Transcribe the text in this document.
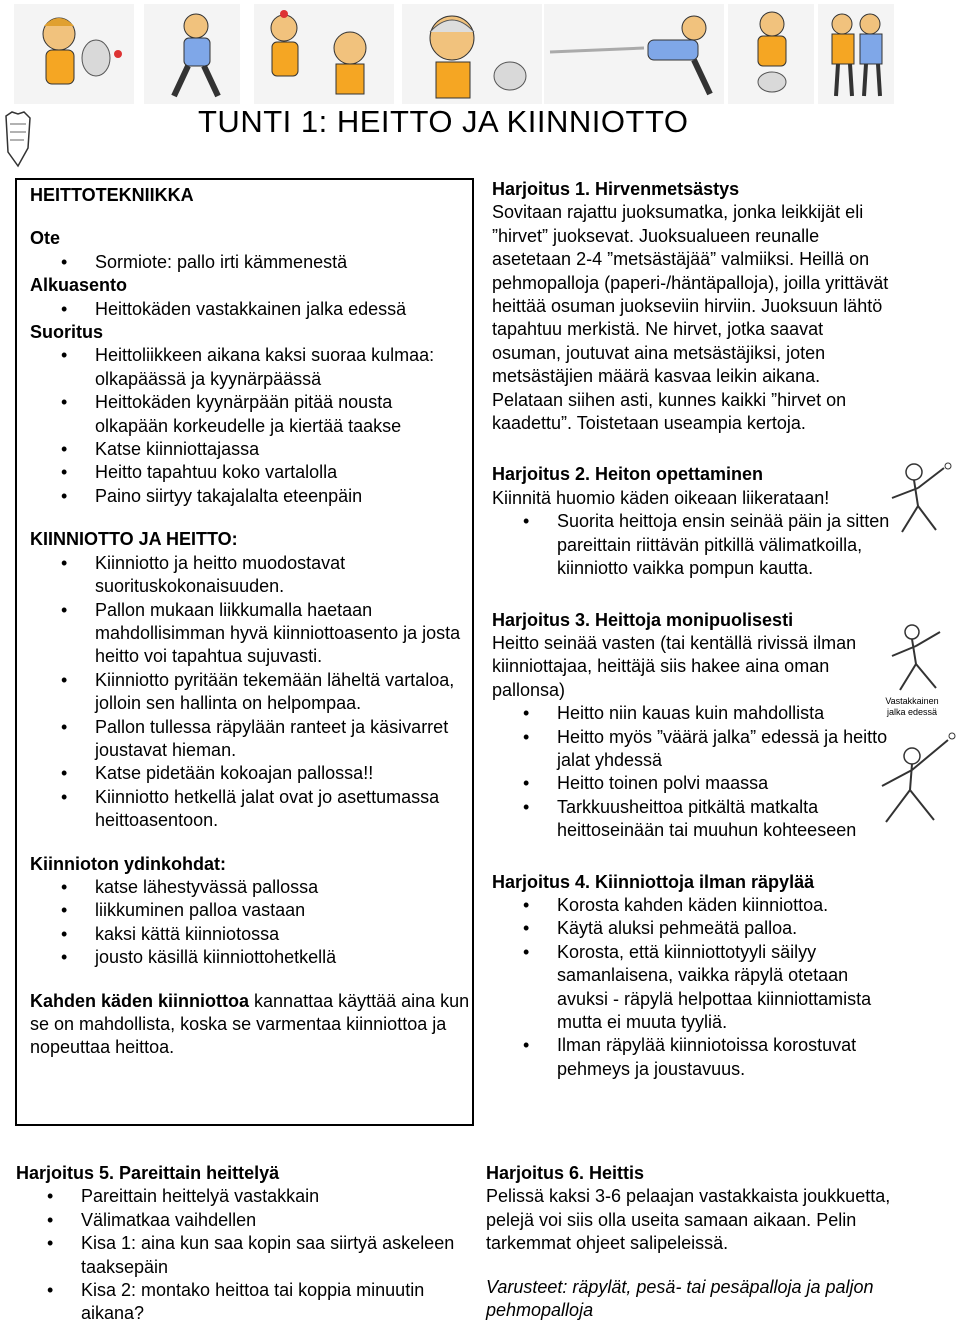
TUNTI 1: HEITTO JA KIINNIOTTO
HEITTOTEKNIIKKA
Ote
• Sormiote: pallo irti kämmenestä
Alkuasento
• Heittokäden vastakkainen jalka edessä
Suoritus
• Heittoliikkeen aikana kaksi suoraa kulmaa: olkapäässä ja kyynärpäässä
• Heittokäden kyynärpään pitää nousta olkapään korkeudelle ja kiertää taakse
• Katse kiinniottajassa
• Heitto tapahtuu koko vartalolla
• Paino siirtyy takajalalta eteenpäin
KIINNIOTTO JA HEITTO:
• Kiinniotto ja heitto muodostavat suorituskokonaisuuden.
• Pallon mukaan liikkumalla haetaan mahdollisimman hyvä kiinniottoasento ja josta heitto voi tapahtua sujuvasti.
• Kiinniotto pyritään tekemään läheltä vartaloa, jolloin sen hallinta on helpompaa.
• Pallon tullessa räpylään ranteet ja käsivarret joustavat hieman.
• Katse pidetään kokoajan pallossa!!
• Kiinniotto hetkellä jalat ovat jo asettumassa heittoasentoon.
Kiinnioton ydinkohdat:
• katse lähestyvässä pallossa
• liikkuminen palloa vastaan
• kaksi kättä kiinniotossa
• jousto käsillä kiinniottohetkellä
Kahden käden kiinniottoa kannattaa käyttää aina kun se on mahdollista, koska se varmentaa kiinniottoa ja nopeuttaa heittoa.
Harjoitus 1. Hirvenmetsästys
Sovitaan rajattu juoksumatka, jonka leikkijät eli ”hirvet” juoksevat. Juoksualueen reunalle asetetaan 2-4 ”metsästäjää” valmiiksi. Heillä on pehmopalloja (paperi-/häntäpalloja), joilla yrittävät heittää osuman juokseviin hirviin. Juoksuun lähtö tapahtuu merkistä. Ne hirvet, jotka saavat osuman, joutuvat aina metsästäjiksi, joten metsästäjien määrä kasvaa leikin aikana. Pelataan siihen asti, kunnes kaikki ”hirvet on kaadettu”. Toistetaan useampia kertoja.
Harjoitus 2. Heiton opettaminen
Kiinnitä huomio käden oikeaan liikerataan!
• Suorita heittoja ensin seinää päin ja sitten pareittain riittävän pitkillä välimatkoilla, kiinniotto vaikka pompun kautta.
Harjoitus 3. Heittoja monipuolisesti
Heitto seinää vasten (tai kentällä rivissä ilman kiinniottajaa, heittäjä siis hakee aina oman pallonsa)
• Heitto niin kauas kuin mahdollista
• Heitto myös ”väärä jalka” edessä ja heitto jalat yhdessä
• Heitto toinen polvi maassa
• Tarkkuusheittoa pitkältä matkalta heittoseinään tai muuhun kohteeseen
Harjoitus 4. Kiinniottoja ilman räpylää
• Korosta kahden käden kiinniottoa.
• Käytä aluksi pehmeätä palloa.
• Korosta, että kiinniottotyyli säilyy samanlaisena, vaikka räpylä otetaan avuksi - räpylä helpottaa kiinniottamista mutta ei muuta tyyliä.
• Ilman räpylää kiinniotoissa korostuvat pehmeys ja joustavuus.
Vastakkainen jalka edessä
Harjoitus 5. Pareittain heittelyä
• Pareittain heittelyä vastakkain
• Välimatkaa vaihdellen
• Kisa 1: aina kun saa kopin saa siirtyä askeleen taaksepäin
• Kisa 2: montako heittoa tai koppia minuutin aikana?
Harjoitus 6. Heittis
Pelissä kaksi 3-6 pelaajan vastakkaista joukkuetta, pelejä voi siis olla useita samaan aikaan. Pelin tarkemmat ohjeet salipeleissä.
Varusteet: räpylät, pesä- tai pesäpalloja ja paljon pehmopalloja
